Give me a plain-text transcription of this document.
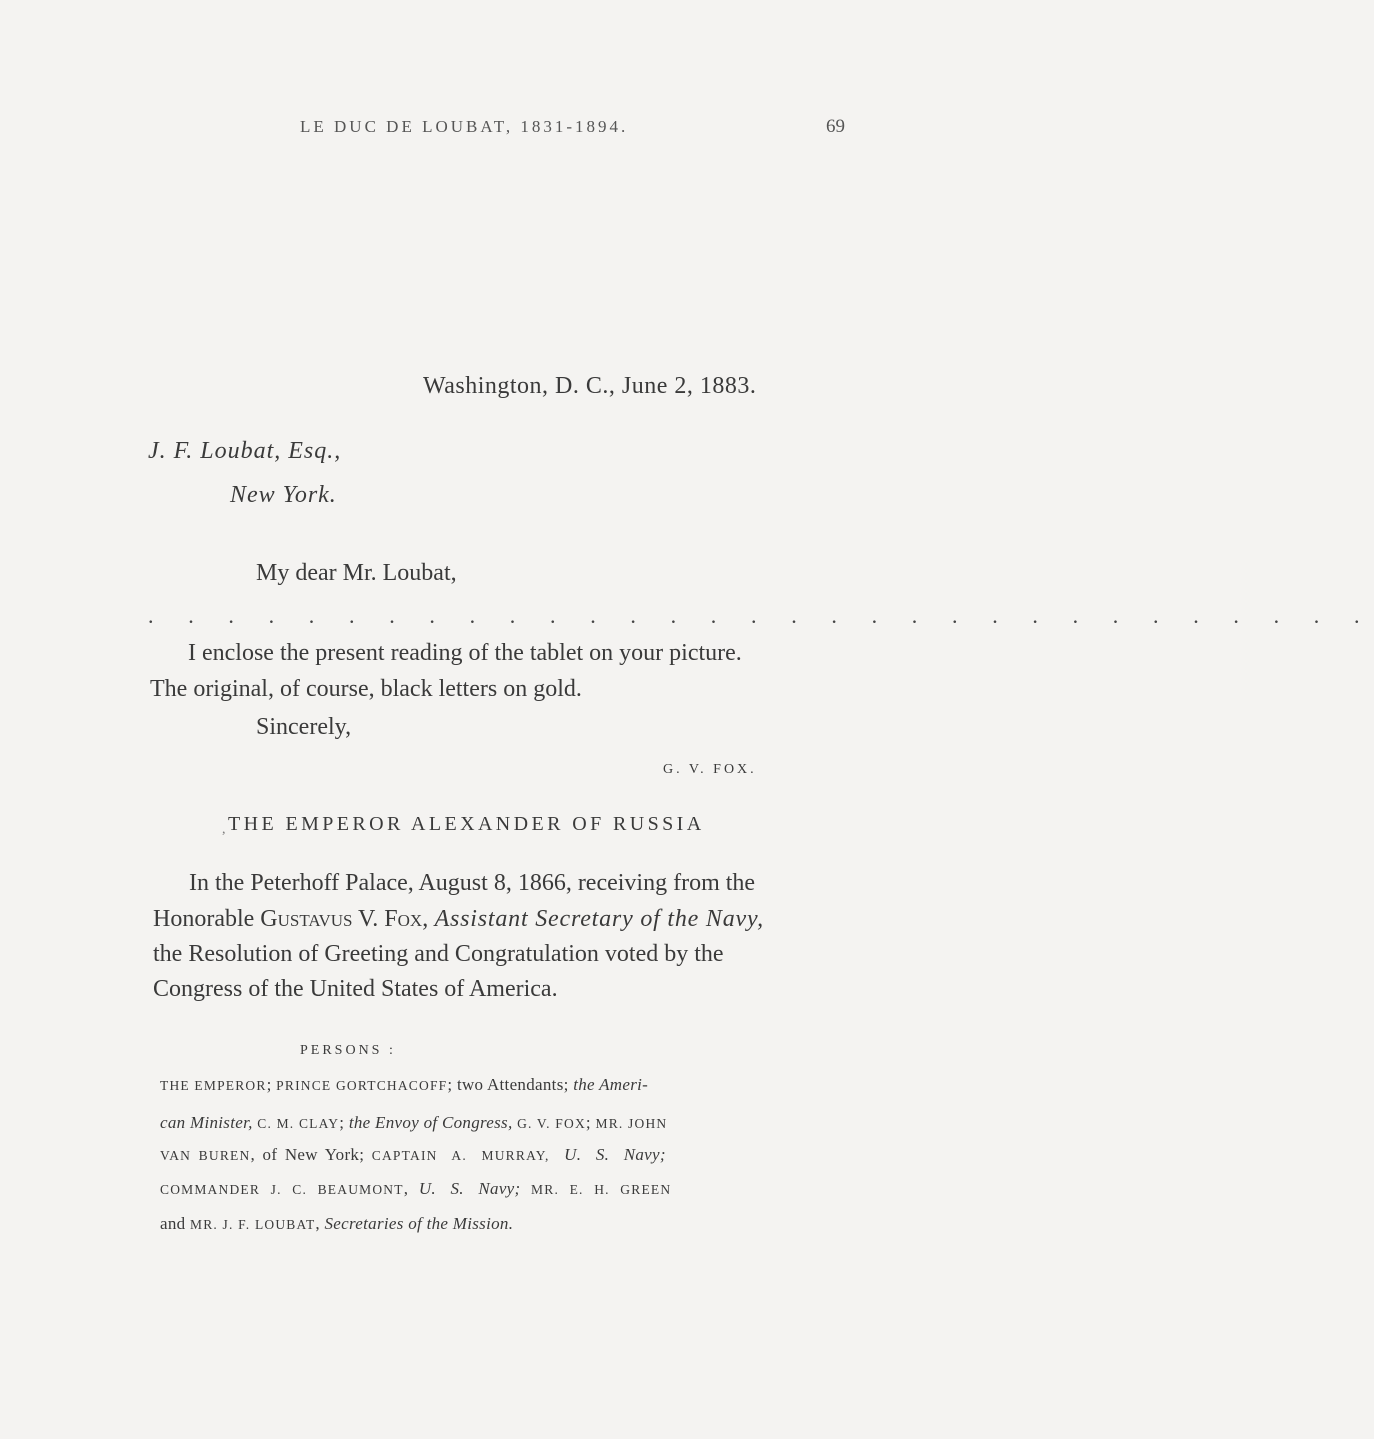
LE DUC DE LOUBAT, 1831-1894.	69
Washington, D. C., June 2, 1883.
J. F. Loubat, Esq.,
New York.
My dear Mr. Loubat,
. . . . . . . . . . . . . . . . . . . . . . . . . . . . . . .
I enclose the present reading of the tablet on your picture.
The original, of course, black letters on gold.
Sincerely,
G. V. FOX.
, THE EMPEROR ALEXANDER OF RUSSIA
In the Peterhoff Palace, August 8, 1866, receiving from the
Honorable Gustavus V. Fox, Assistant Secretary of the Navy,
the Resolution of Greeting and Congratulation voted by the
Congress of the United States of America.
PERSONS :
THE EMPEROR; PRINCE GORTCHACOFF; two Attendants; the Ameri-
can Minister, C. M. CLAY; the Envoy of Congress, G. V. FOX; MR. JOHN
VAN BUREN, of New York; CAPTAIN A. MURRAY, U. S. Navy;
COMMANDER J. C. BEAUMONT, U. S. Navy; MR. E. H. GREEN
and MR. J. F. LOUBAT, Secretaries of the Mission.
